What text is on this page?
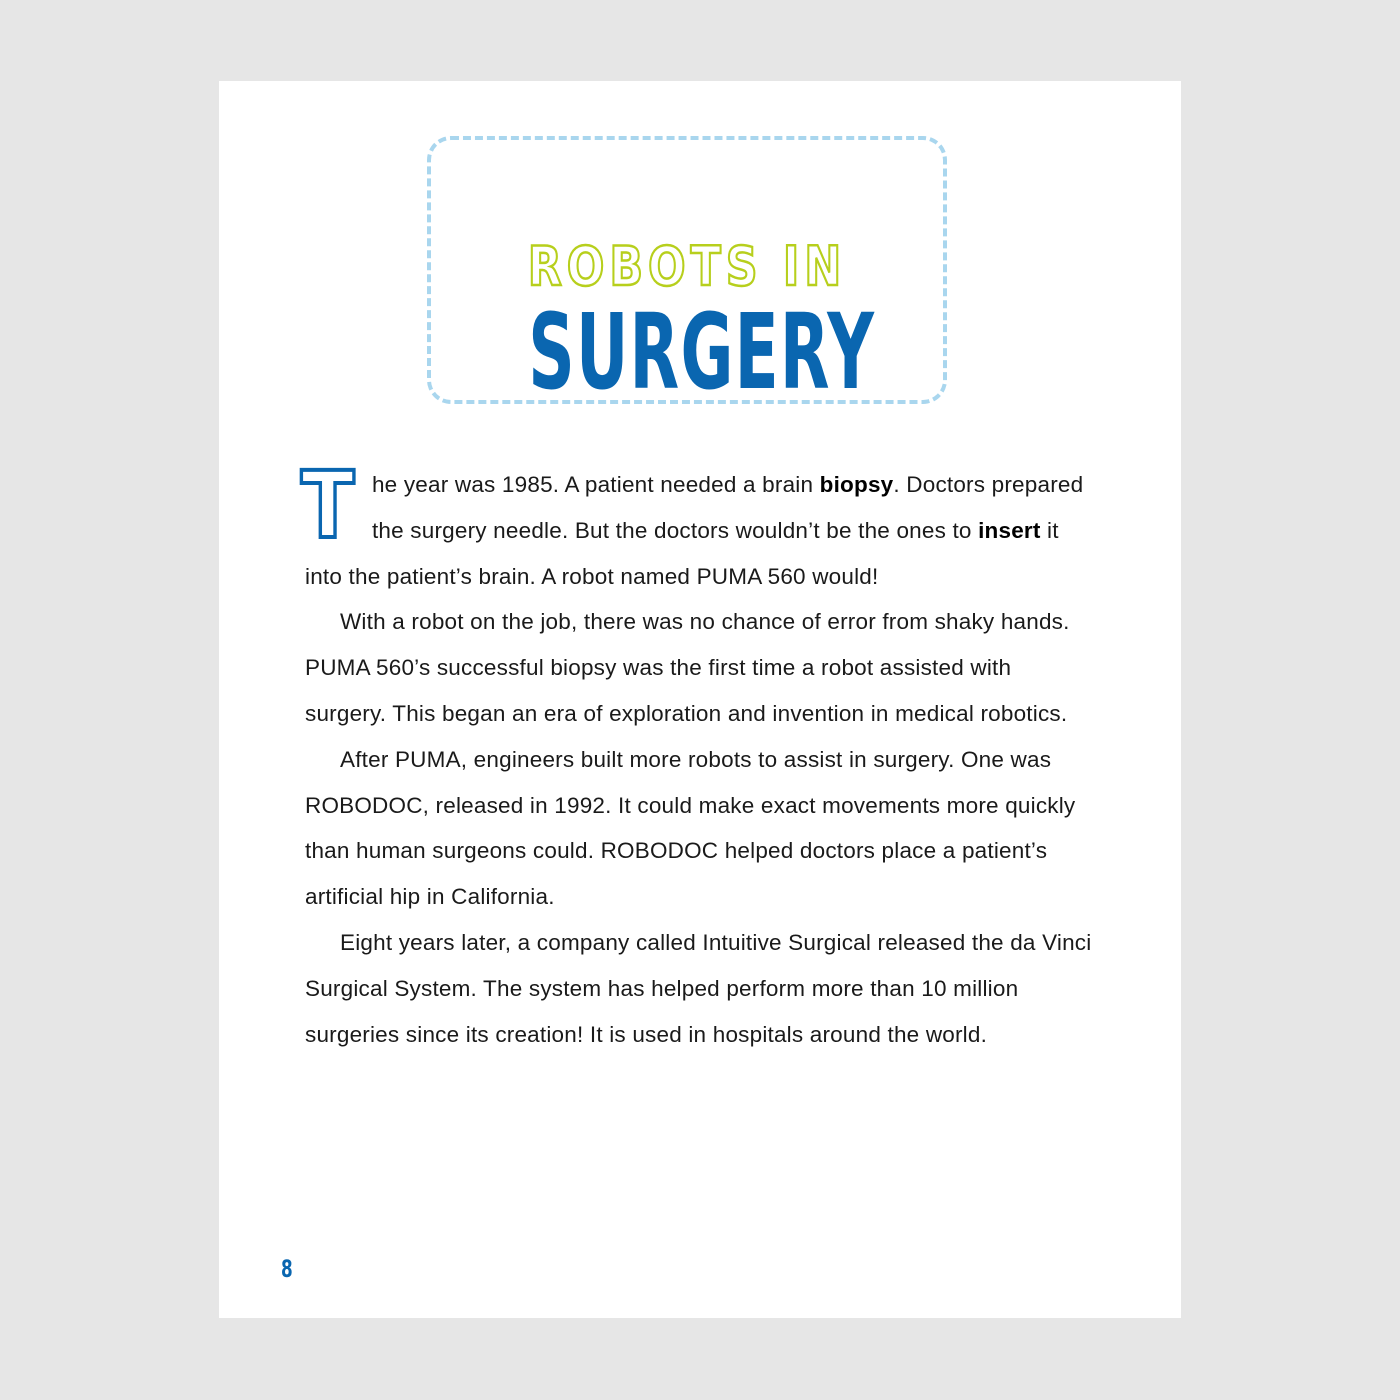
ROBOTS IN
SURGERY

The year was 1985. A patient needed a brain biopsy. Doctors prepared the surgery needle. But the doctors wouldn’t be the ones to insert it into the patient’s brain. A robot named PUMA 560 would!

With a robot on the job, there was no chance of error from shaky hands. PUMA 560’s successful biopsy was the first time a robot assisted with surgery. This began an era of exploration and invention in medical robotics.

After PUMA, engineers built more robots to assist in surgery. One was ROBODOC, released in 1992. It could make exact movements more quickly than human surgeons could. ROBODOC helped doctors place a patient’s artificial hip in California.

Eight years later, a company called Intuitive Surgical released the da Vinci Surgical System. The system has helped perform more than 10 million surgeries since its creation! It is used in hospitals around the world.

8
